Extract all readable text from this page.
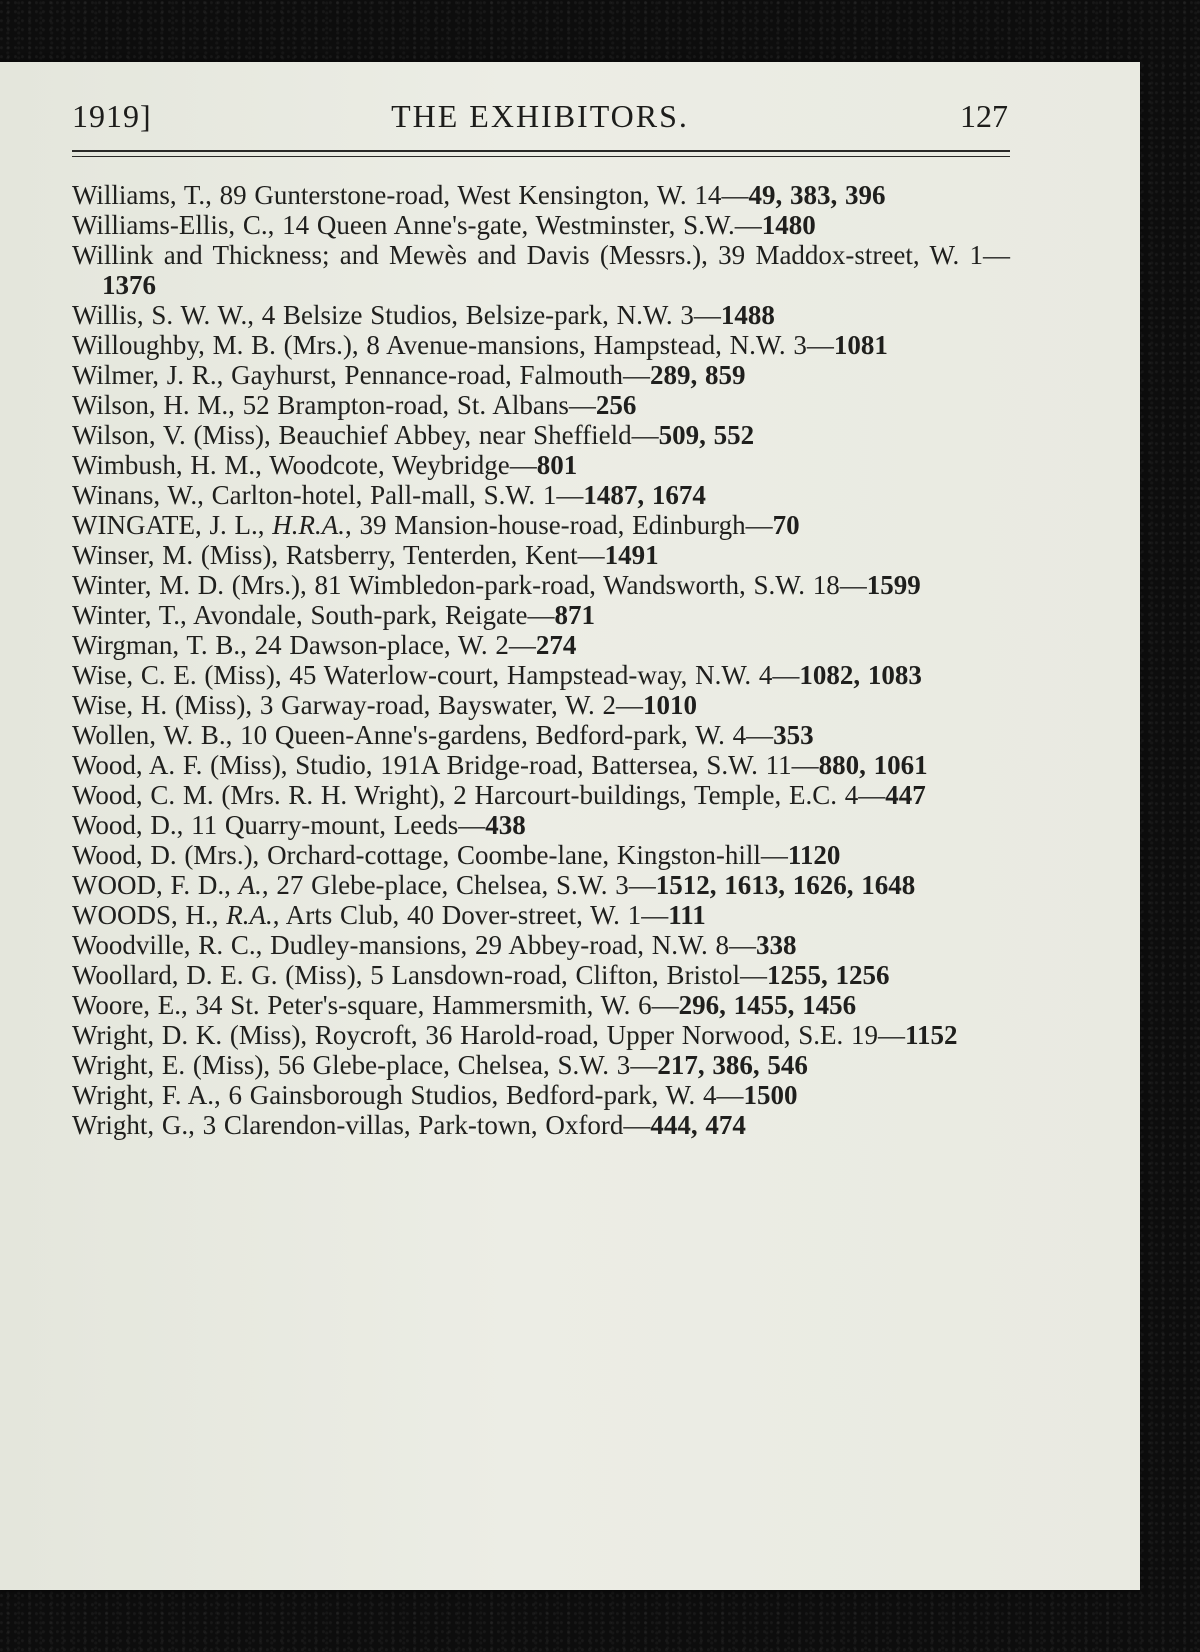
1919]	THE EXHIBITORS.	127
Williams, T., 89 Gunterstone-road, West Kensington, W. 14—49, 383, 396
Williams-Ellis, C., 14 Queen Anne's-gate, Westminster, S.W.—1480
Willink and Thickness; and Mewès and Davis (Messrs.), 39 Maddox-street, W. 1—1376
Willis, S. W. W., 4 Belsize Studios, Belsize-park, N.W. 3—1488
Willoughby, M. B. (Mrs.), 8 Avenue-mansions, Hampstead, N.W. 3—1081
Wilmer, J. R., Gayhurst, Pennance-road, Falmouth—289, 859
Wilson, H. M., 52 Brampton-road, St. Albans—256
Wilson, V. (Miss), Beauchief Abbey, near Sheffield—509, 552
Wimbush, H. M., Woodcote, Weybridge—801
Winans, W., Carlton-hotel, Pall-mall, S.W. 1—1487, 1674
WINGATE, J. L., H.R.A., 39 Mansion-house-road, Edinburgh—70
Winser, M. (Miss), Ratsberry, Tenterden, Kent—1491
Winter, M. D. (Mrs.), 81 Wimbledon-park-road, Wandsworth, S.W. 18—1599
Winter, T., Avondale, South-park, Reigate—871
Wirgman, T. B., 24 Dawson-place, W. 2—274
Wise, C. E. (Miss), 45 Waterlow-court, Hampstead-way, N.W. 4—1082, 1083
Wise, H. (Miss), 3 Garway-road, Bayswater, W. 2—1010
Wollen, W. B., 10 Queen-Anne's-gardens, Bedford-park, W. 4—353
Wood, A. F. (Miss), Studio, 191A Bridge-road, Battersea, S.W. 11—880, 1061
Wood, C. M. (Mrs. R. H. Wright), 2 Harcourt-buildings, Temple, E.C. 4—447
Wood, D., 11 Quarry-mount, Leeds—438
Wood, D. (Mrs.), Orchard-cottage, Coombe-lane, Kingston-hill—1120
WOOD, F. D., A., 27 Glebe-place, Chelsea, S.W. 3—1512, 1613, 1626, 1648
WOODS, H., R.A., Arts Club, 40 Dover-street, W. 1—111
Woodville, R. C., Dudley-mansions, 29 Abbey-road, N.W. 8—338
Woollard, D. E. G. (Miss), 5 Lansdown-road, Clifton, Bristol—1255, 1256
Woore, E., 34 St. Peter's-square, Hammersmith, W. 6—296, 1455, 1456
Wright, D. K. (Miss), Roycroft, 36 Harold-road, Upper Norwood, S.E. 19—1152
Wright, E. (Miss), 56 Glebe-place, Chelsea, S.W. 3—217, 386, 546
Wright, F. A., 6 Gainsborough Studios, Bedford-park, W. 4—1500
Wright, G., 3 Clarendon-villas, Park-town, Oxford—444, 474
